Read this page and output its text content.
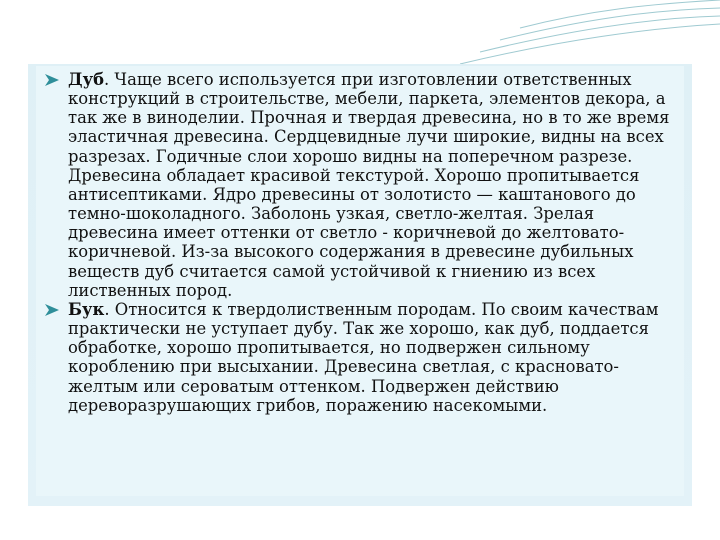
Дуб. Чаще всего используется при изготовлении ответственных конструкций в строительстве, мебели, паркета, элементов декора, а так же в виноделии. Прочная и твердая древесина, но в то же время эластичная древесина. Сердцевидные лучи широкие, видны на всех разрезах. Годичные слои хорошо видны на поперечном разрезе. Древесина обладает красивой текстурой. Хорошо пропитывается антисептиками. Ядро древесины от золотисто — каштанового до темно-шоколадного. Заболонь узкая, светло-желтая. Зрелая древесина имеет оттенки от светло - коричневой до желтовато-коричневой. Из-за высокого содержания в древесине дубильных веществ дуб считается самой устойчивой к гниению из всех лиственных пород.
Бук. Относится к твердолиственным породам. По своим качествам практически не уступает дубу. Так же хорошо, как дуб, поддается обработке, хорошо пропитывается, но подвержен сильному короблению при высыхании. Древесина светлая, с красновато-желтым или сероватым оттенком. Подвержен действию дереворазрушающих грибов, поражению насекомыми.
